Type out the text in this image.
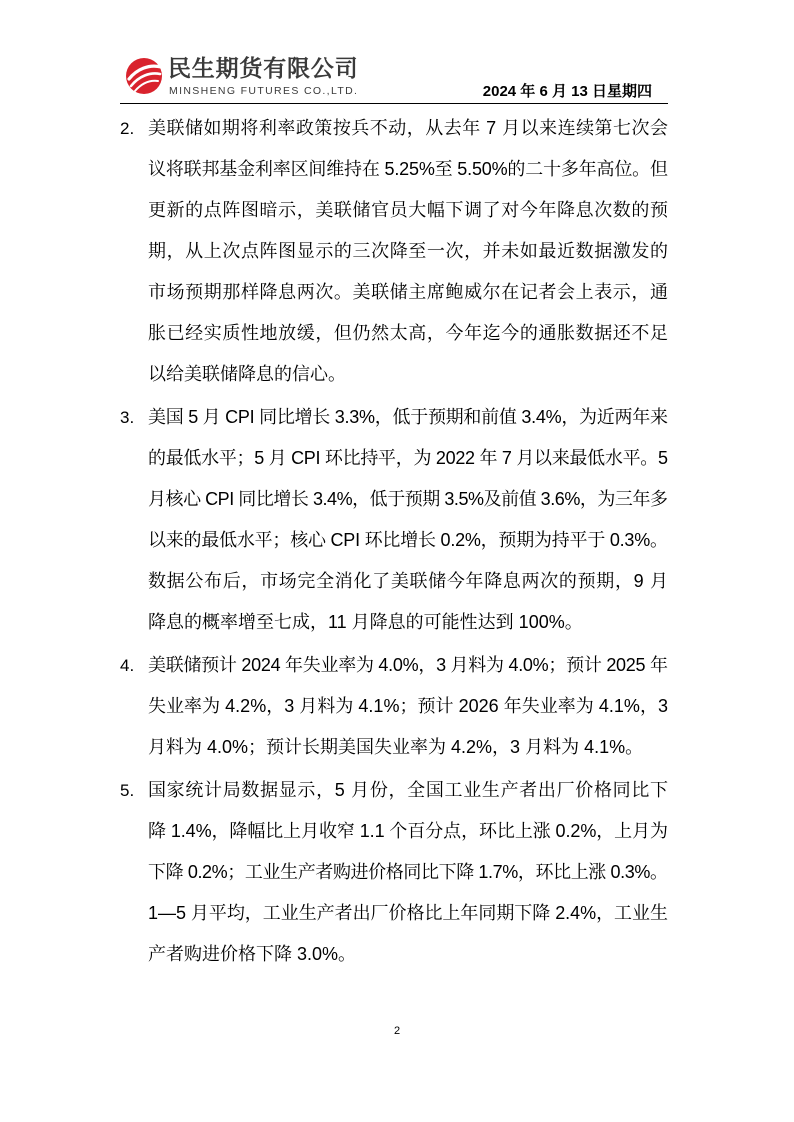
民生期货有限公司
MINSHENG FUTURES CO.,LTD.	2024 年 6 月 13 日星期四
2. 美联储如期将利率政策按兵不动，从去年 7 月以来连续第七次会
议将联邦基金利率区间维持在 5.25%至 5.50%的二十多年高位。但
更新的点阵图暗示，美联储官员大幅下调了对今年降息次数的预
期，从上次点阵图显示的三次降至一次，并未如最近数据激发的
市场预期那样降息两次。美联储主席鲍威尔在记者会上表示，通
胀已经实质性地放缓，但仍然太高，今年迄今的通胀数据还不足
以给美联储降息的信心。
3. 美国 5 月 CPI 同比增长 3.3%，低于预期和前值 3.4%，为近两年来
的最低水平；5 月 CPI 环比持平，为 2022 年 7 月以来最低水平。5
月核心 CPI 同比增长 3.4%，低于预期 3.5%及前值 3.6%，为三年多
以来的最低水平；核心 CPI 环比增长 0.2%，预期为持平于 0.3%。
数据公布后，市场完全消化了美联储今年降息两次的预期，9 月
降息的概率增至七成，11 月降息的可能性达到 100%。
4. 美联储预计 2024 年失业率为 4.0%，3 月料为 4.0%；预计 2025 年
失业率为 4.2%，3 月料为 4.1%；预计 2026 年失业率为 4.1%，3
月料为 4.0%；预计长期美国失业率为 4.2%，3 月料为 4.1%。
5. 国家统计局数据显示，5 月份，全国工业生产者出厂价格同比下
降 1.4%，降幅比上月收窄 1.1 个百分点，环比上涨 0.2%，上月为
下降 0.2%；工业生产者购进价格同比下降 1.7%，环比上涨 0.3%。
1—5 月平均，工业生产者出厂价格比上年同期下降 2.4%，工业生
产者购进价格下降 3.0%。
2
